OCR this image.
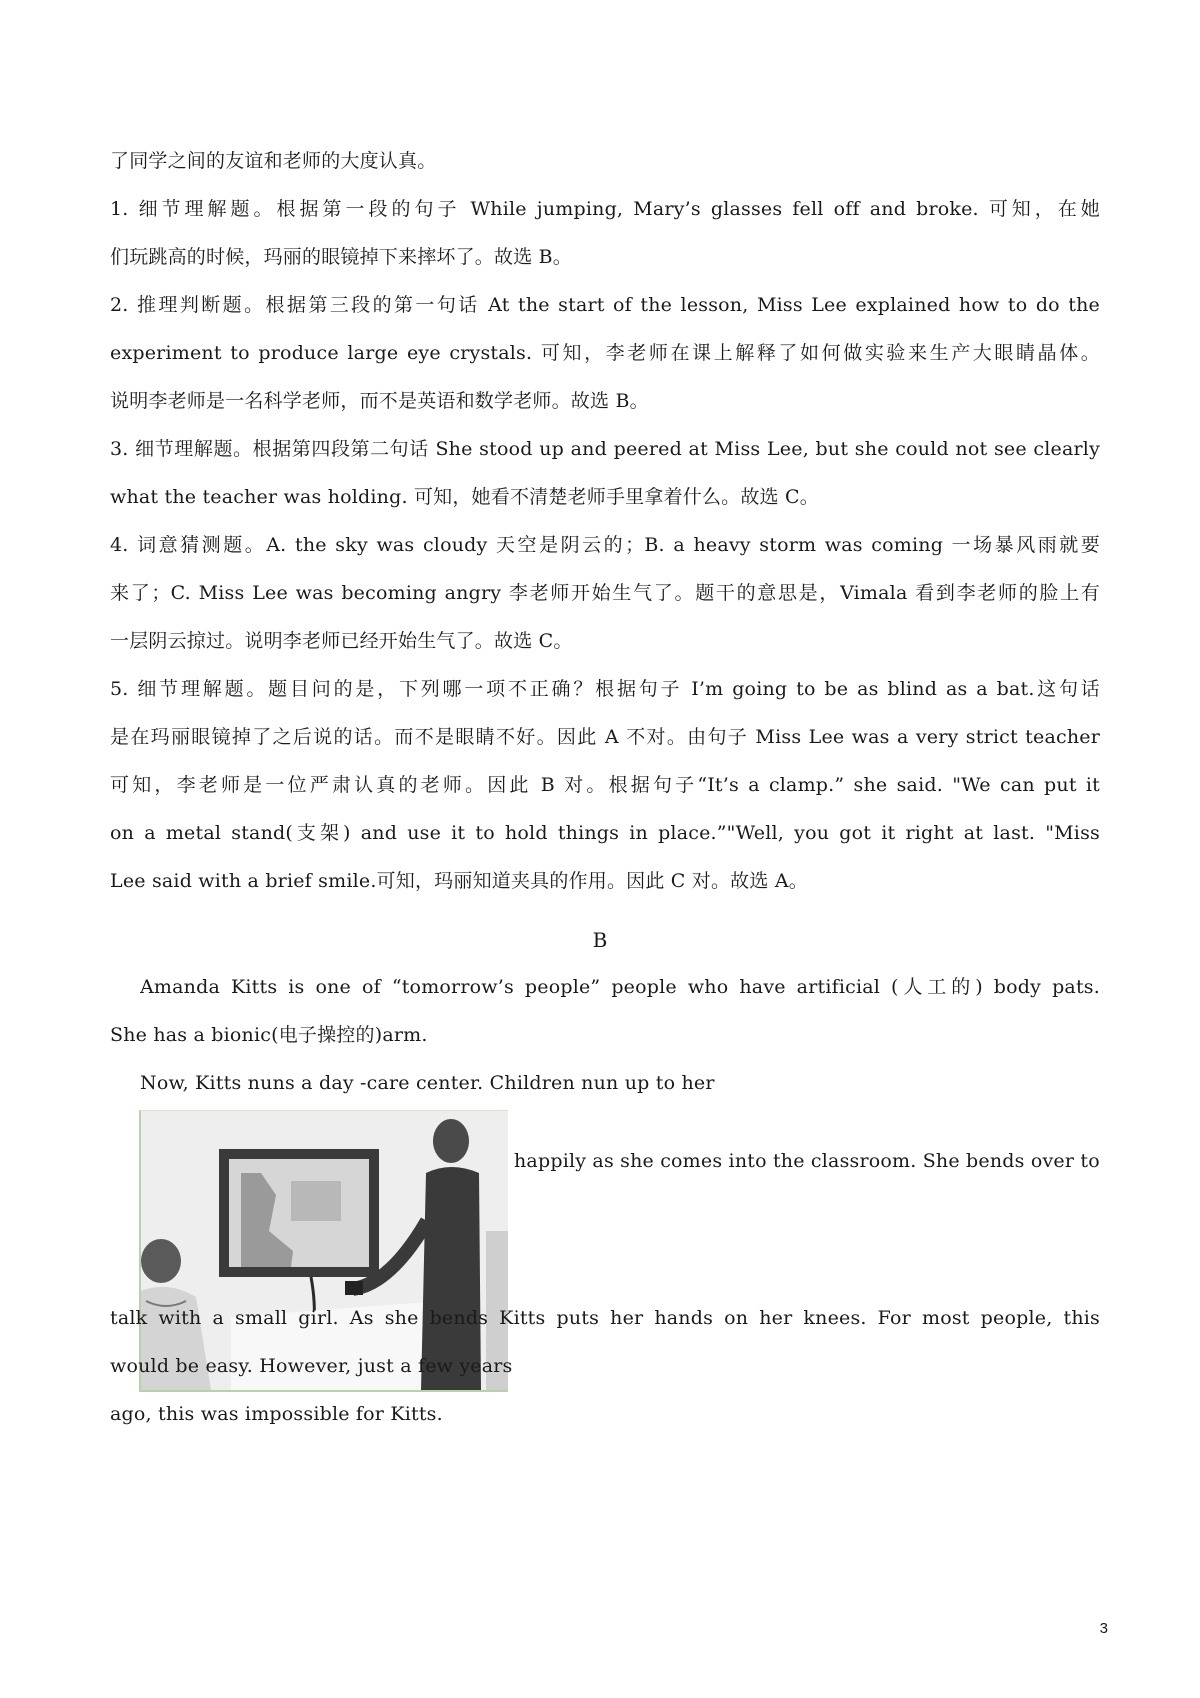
了同学之间的友谊和老师的大度认真。
1. 细节理解题。根据第一段的句子 While jumping, Mary’s glasses fell off and broke. 可知，在她
们玩跳高的时候，玛丽的眼镜掉下来摔坏了。故选 B。
2. 推理判断题。根据第三段的第一句话 At the start of the lesson, Miss Lee explained how to do the
experiment to produce large eye crystals. 可知，李老师在课上解释了如何做实验来生产大眼睛晶体。
说明李老师是一名科学老师，而不是英语和数学老师。故选 B。
3. 细节理解题。根据第四段第二句话 She stood up and peered at Miss Lee, but she could not see clearly
what the teacher was holding. 可知，她看不清楚老师手里拿着什么。故选 C。
4. 词意猜测题。A. the sky was cloudy 天空是阴云的；B. a heavy storm was coming 一场暴风雨就要
来了；C. Miss Lee was becoming angry 李老师开始生气了。题干的意思是，Vimala 看到李老师的脸上有
一层阴云掠过。说明李老师已经开始生气了。故选 C。
5. 细节理解题。题目问的是，下列哪一项不正确？根据句子 I’m going to be as blind as a bat.这句话
是在玛丽眼镜掉了之后说的话。而不是眼睛不好。因此 A 不对。由句子 Miss Lee was a very strict teacher
可知，李老师是一位严肃认真的老师。因此 B 对。根据句子“It’s a clamp.” she said. "We can put it
on a metal stand(支架) and use it to hold things in place.”"Well, you got it right at last. "Miss
Lee said with a brief smile.可知，玛丽知道夹具的作用。因此 C 对。故选 A。
B
Amanda Kitts is one of “tomorrow’s people” people who have artificial (人工的) body pats.
She has a bionic(电子操控的)arm.
Now, Kitts nuns a day -care center. Children nun up to her
happily as she comes into the classroom. She bends over to
talk with a small girl. As she bends Kitts puts her hands on her knees. For most people, this
would be easy. However, just a few years
ago, this was impossible for Kitts.
3
